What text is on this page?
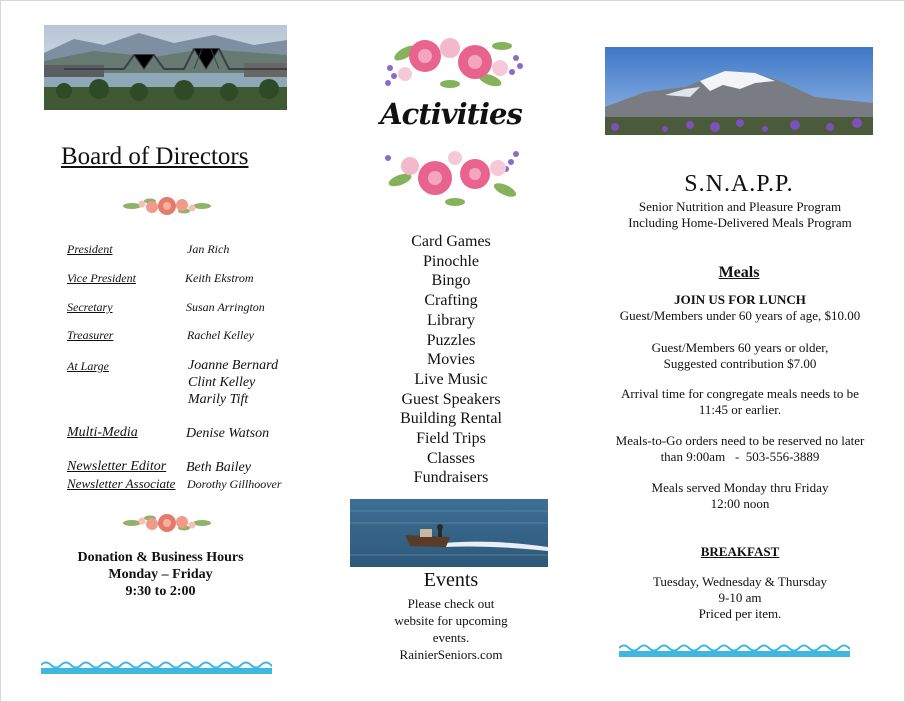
Board of Directors
President	Jan Rich
Vice President	Keith Ekstrom
Secretary	Susan Arrington
Treasurer	Rachel Kelley
At Large	Joanne Bernard
Clint Kelley
Marily Tift
Multi-Media	Denise Watson
Newsletter Editor Beth Bailey
Newsletter Associate Dorothy Gillhoover
Donation & Business Hours
Monday – Friday
9:30 to 2:00
Activities
Card Games
Pinochle
Bingo
Crafting
Library
Puzzles
Movies
Live Music
Guest Speakers
Building Rental
Field Trips
Classes
Fundraisers
Events
Please check out
website for upcoming
events.
RainierSeniors.com
S.N.A.P.P.
Senior Nutrition and Pleasure Program
Including Home-Delivered Meals Program
Meals
JOIN US FOR LUNCH
Guest/Members under 60 years of age, $10.00
Guest/Members 60 years or older,
Suggested contribution $7.00
Arrival time for congregate meals needs to be
11:45 or earlier.
Meals-to-Go orders need to be reserved no later
than 9:00am   -  503-556-3889
Meals served Monday thru Friday
12:00 noon
BREAKFAST
Tuesday, Wednesday & Thursday
9-10 am
Priced per item.
